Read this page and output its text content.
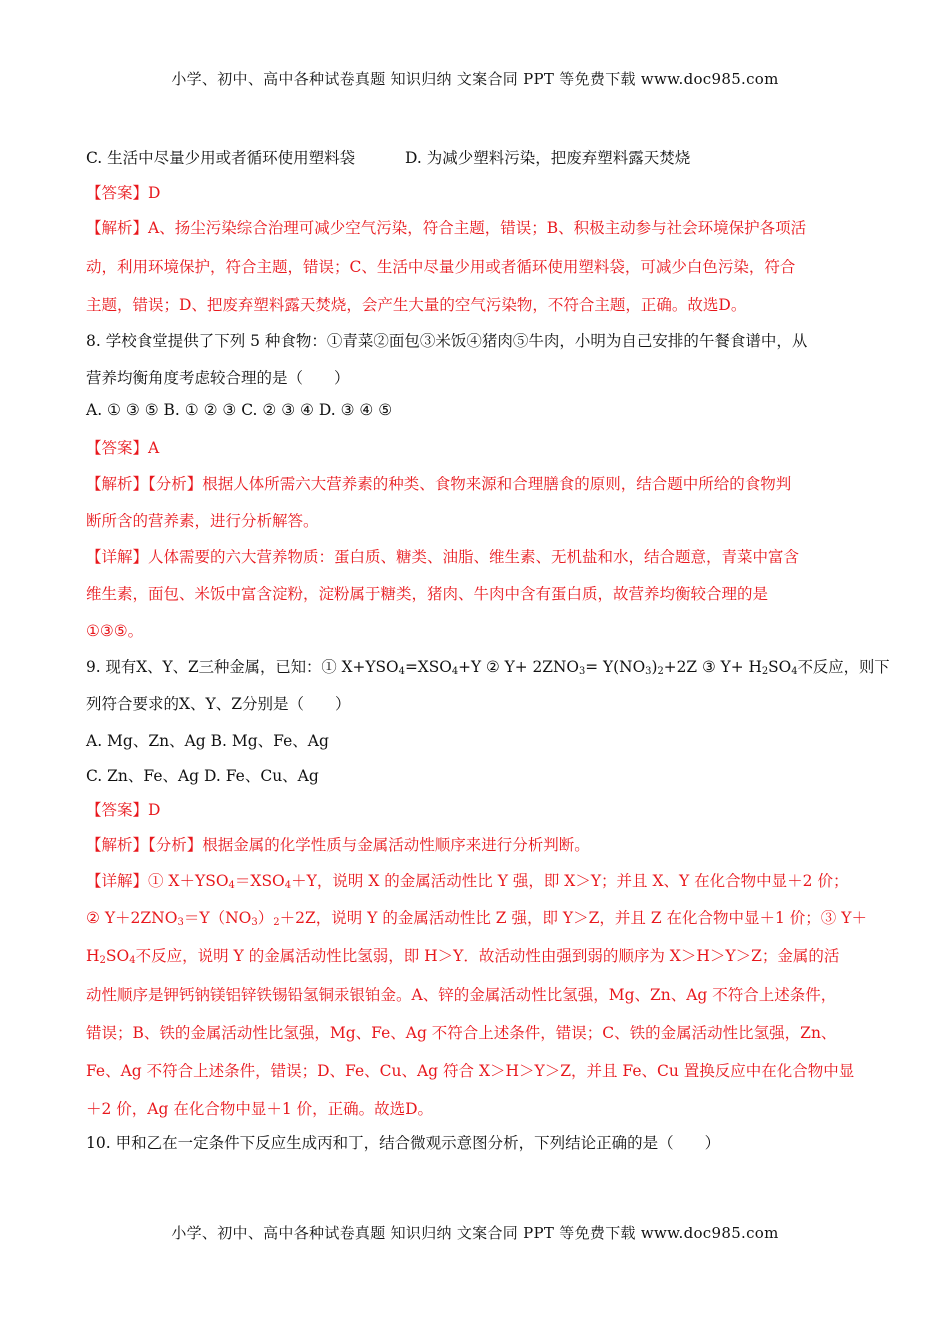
小学、初中、高中各种试卷真题 知识归纳 文案合同 PPT 等免费下载 www.doc985.com
C. 生活中尽量少用或者循环使用塑料袋	D. 为减少塑料污染，把废弃塑料露天焚烧
【答案】D
【解析】A、扬尘污染综合治理可减少空气污染，符合主题，错误；B、积极主动参与社会环境保护各项活
动，利用环境保护，符合主题，错误；C、生活中尽量少用或者循环使用塑料袋，可减少白色污染，符合
主题，错误；D、把废弃塑料露天焚烧，会产生大量的空气污染物，不符合主题，正确。故选D。
8. 学校食堂提供了下列 5 种食物：①青菜②面包③米饭④猪肉⑤牛肉，小明为自己安排的午餐食谱中，从
营养均衡角度考虑较合理的是（　　）
A. ① ③ ⑤ B. ① ② ③ C. ② ③ ④ D. ③ ④ ⑤
【答案】A
【解析】【分析】根据人体所需六大营养素的种类、食物来源和合理膳食的原则，结合题中所给的食物判
断所含的营养素，进行分析解答。
【详解】人体需要的六大营养物质：蛋白质、糖类、油脂、维生素、无机盐和水，结合题意，青菜中富含
维生素，面包、米饭中富含淀粉，淀粉属于糖类，猪肉、牛肉中含有蛋白质，故营养均衡较合理的是
①③⑤。
9. 现有X、Y、Z三种金属，已知：① $X+YSO_4=XSO_4+Y$ ② $Y+ 2ZNO_3= Y(NO_3)_2+2Z$ ③ $Y+ H_2SO_4$不反应，则下
列符合要求的X、Y、Z分别是（　　）
A. Mg、Zn、Ag B. Mg、Fe、Ag
C. Zn、Fe、Ag D. Fe、Cu、Ag
【答案】D
【解析】【分析】根据金属的化学性质与金属活动性顺序来进行分析判断。
【详解】① $X+YSO_4=XSO_4+Y$，说明 X 的金属活动性比 Y 强，即 X＞Y；并且 X、Y 在化合物中显＋2 价；
② $Y+2ZNO_3=Y(NO_3)_2+2Z$，说明 Y 的金属活动性比 Z 强，即 Y＞Z，并且 Z 在化合物中显＋1 价；③ Y＋
$H_2SO_4$不反应，说明 Y 的金属活动性比氢弱，即 H＞Y．故活动性由强到弱的顺序为 X＞H＞Y＞Z；金属的活
动性顺序是钾钙钠镁铝锌铁锡铅氢铜汞银铂金。A、锌的金属活动性比氢强，Mg、Zn、Ag 不符合上述条件，
错误；B、铁的金属活动性比氢强，Mg、Fe、Ag 不符合上述条件，错误；C、铁的金属活动性比氢强，Zn、
Fe、Ag 不符合上述条件，错误；D、Fe、Cu、Ag 符合 X＞H＞Y＞Z，并且 Fe、Cu 置换反应中在化合物中显
＋2 价，Ag 在化合物中显＋1 价，正确。故选D。
10. 甲和乙在一定条件下反应生成丙和丁，结合微观示意图分析，下列结论正确的是（　　）
小学、初中、高中各种试卷真题 知识归纳 文案合同 PPT 等免费下载 www.doc985.com
